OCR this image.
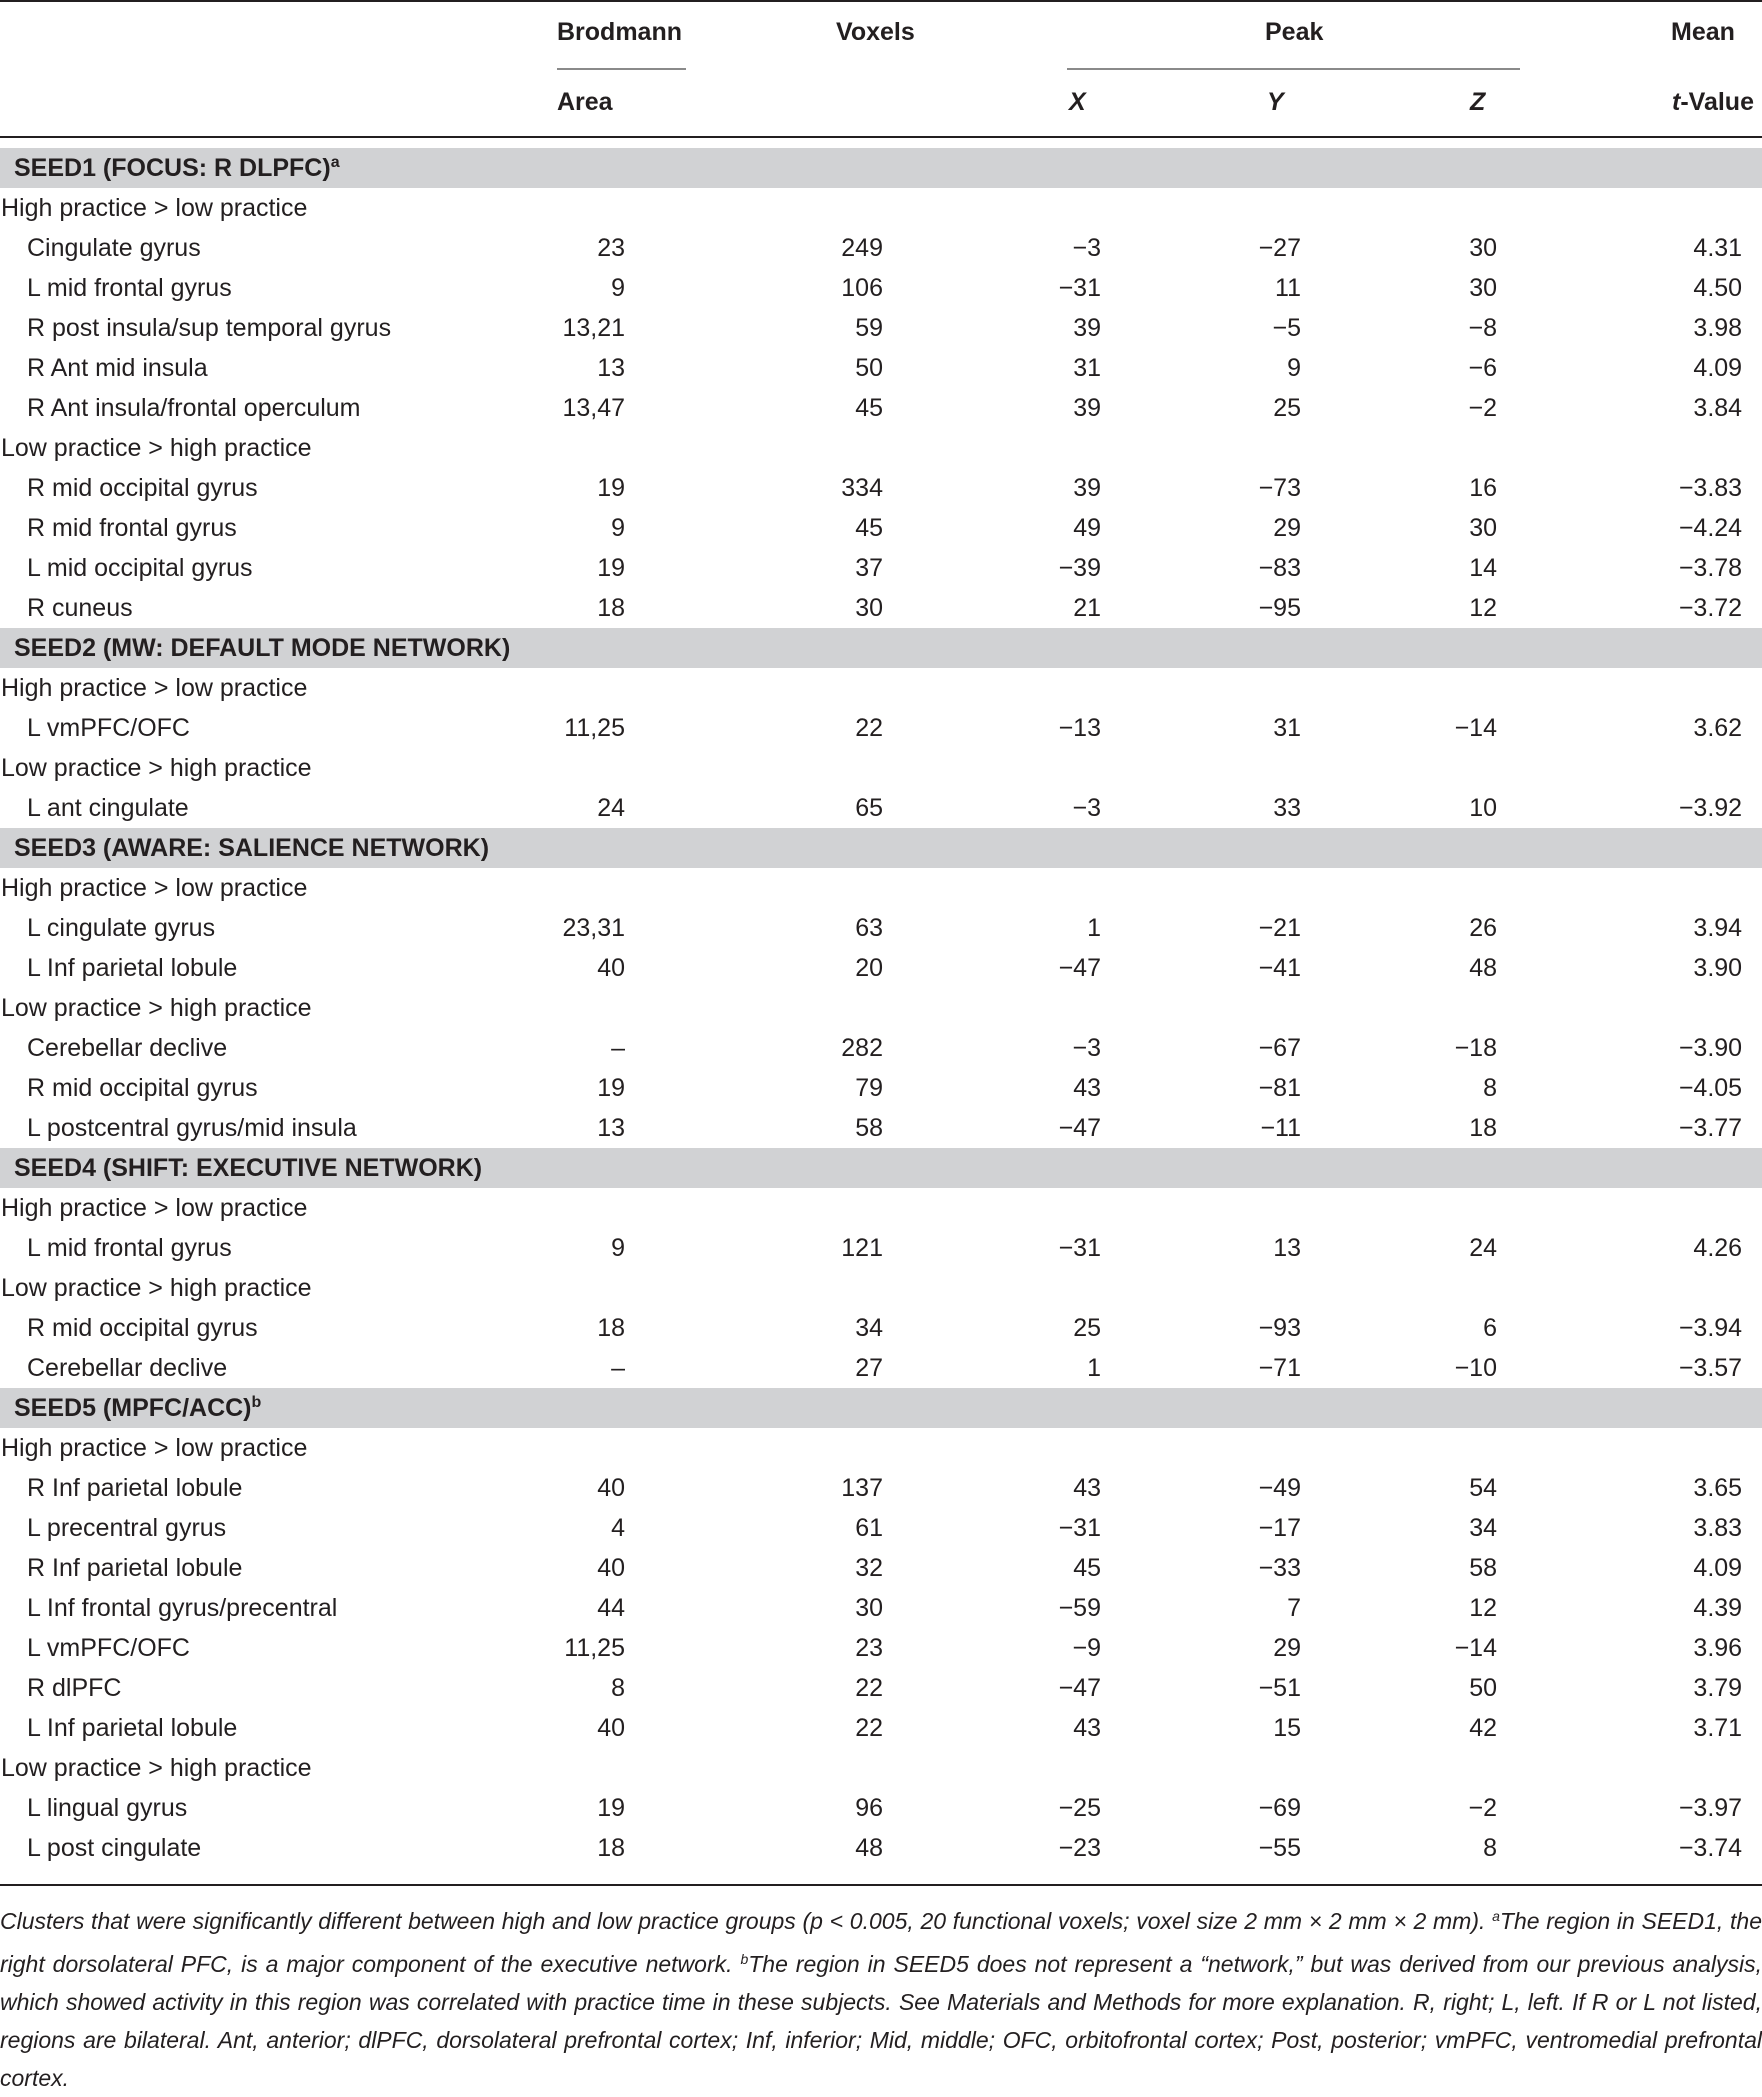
Brodmann
Area
Voxels	Peak
X	Y	Z
Mean
t-Value
SEED1 (FOCUS: R DLPFC)$^a$
High practice > low practice						
Cingulate gyrus	23	249	−3	−27	30	4.31
L mid frontal gyrus	9	106	−31	11	30	4.50
R post insula/sup temporal gyrus	13,21	59	39	−5	−8	3.98
R Ant mid insula	13	50	31	9	−6	4.09
R Ant insula/frontal operculum	13,47	45	39	25	−2	3.84
Low practice > high practice						
R mid occipital gyrus	19	334	39	−73	16	−3.83
R mid frontal gyrus	9	45	49	29	30	−4.24
L mid occipital gyrus	19	37	−39	−83	14	−3.78
R cuneus	18	30	21	−95	12	−3.72
SEED2 (MW: DEFAULT MODE NETWORK)						
High practice > low practice						
L vmPFC/OFC	11,25	22	−13	31	−14	3.62
Low practice > high practice						
L ant cingulate	24	65	−3	33	10	−3.92
SEED3 (AWARE: SALIENCE NETWORK)						
High practice > low practice						
L cingulate gyrus	23,31	63	1	−21	26	3.94
L Inf parietal lobule	40	20	−47	−41	48	3.90
Low practice > high practice						
Cerebellar declive	–	282	−3	−67	−18	−3.90
R mid occipital gyrus	19	79	43	−81	8	−4.05
L postcentral gyrus/mid insula	13	58	−47	−11	18	−3.77
SEED4 (SHIFT: EXECUTIVE NETWORK)						
High practice > low practice						
L mid frontal gyrus	9	121	−31	13	24	4.26
Low practice > high practice						
R mid occipital gyrus	18	34	25	−93	6	−3.94
Cerebellar declive	–	27	1	−71	−10	−3.57
SEED5 (MPFC/ACC)$^b$
High practice > low practice						
R Inf parietal lobule	40	137	43	−49	54	3.65
L precentral gyrus	4	61	−31	−17	34	3.83
R Inf parietal lobule	40	32	45	−33	58	4.09
L Inf frontal gyrus/precentral	44	30	−59	7	12	4.39
L vmPFC/OFC	11,25	23	−9	29	−14	3.96
R dlPFC	8	22	−47	−51	50	3.79
L Inf parietal lobule	40	22	43	15	42	3.71
Low practice > high practice						
L lingual gyrus	19	96	−25	−69	−2	−3.97
L post cingulate	18	48	−23	−55	8	−3.74

Clusters that were significantly different between high and low practice groups (p < 0.005, 20 functional voxels; voxel size 2 mm × 2 mm × 2 mm). $^a$The region in SEED1, the right dorsolateral PFC, is a major component of the executive network. $^b$The region in SEED5 does not represent a “network,” but was derived from our previous analysis, which showed activity in this region was correlated with practice time in these subjects. See Materials and Methods for more explanation. R, right; L, left. If R or L not listed, regions are bilateral. Ant, anterior; dlPFC, dorsolateral prefrontal cortex; Inf, inferior; Mid, middle; OFC, orbitofrontal cortex; Post, posterior; vmPFC, ventromedial prefrontal cortex.
